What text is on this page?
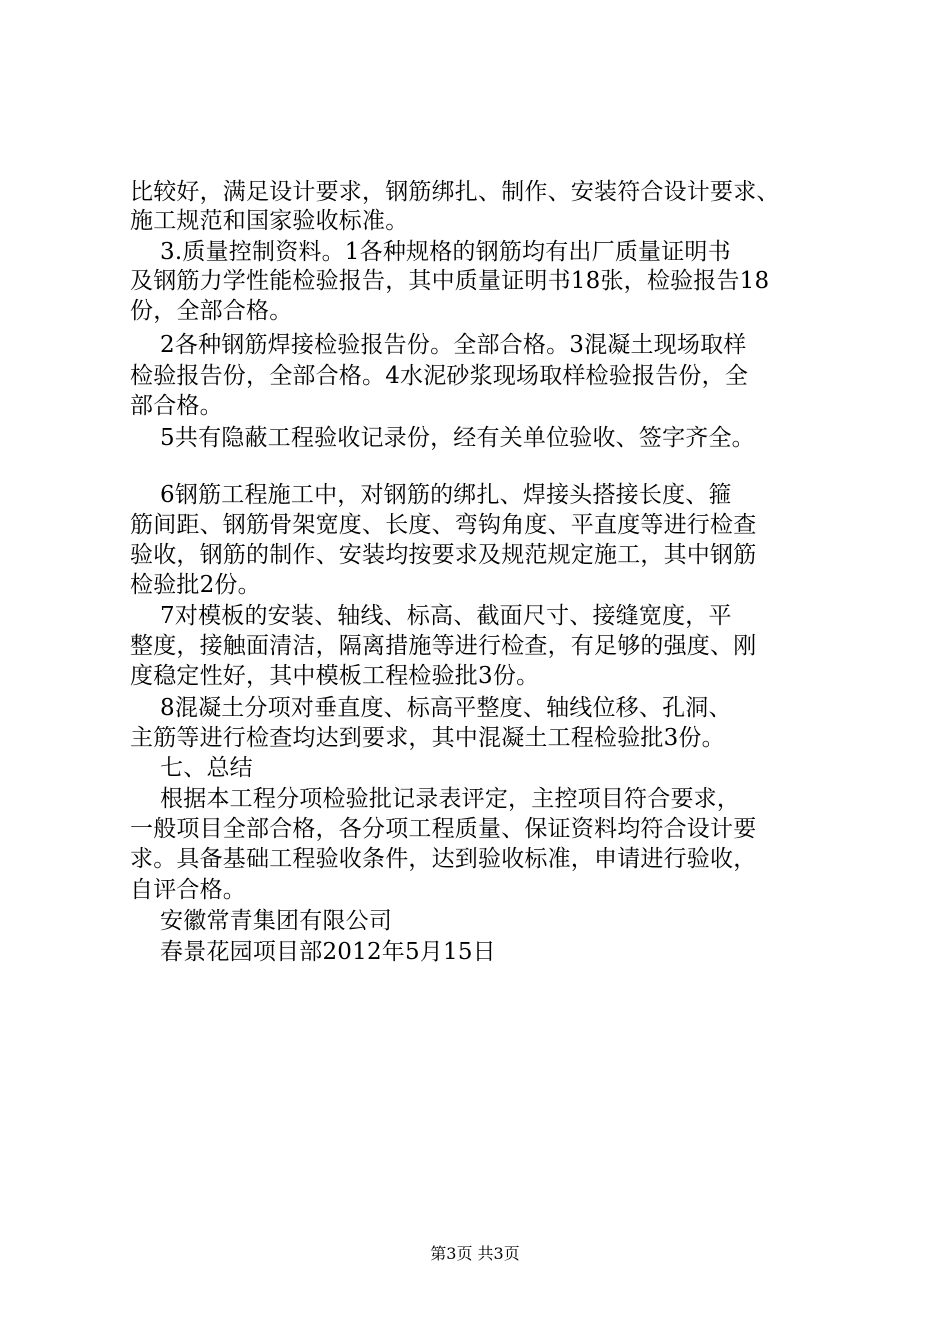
比较好，满足设计要求，钢筋绑扎、制作、安装符合设计要求、
施工规范和国家验收标准。
3.质量控制资料。1各种规格的钢筋均有出厂质量证明书
及钢筋力学性能检验报告，其中质量证明书18张，检验报告18
份，全部合格。
2各种钢筋焊接检验报告份。全部合格。3混凝土现场取样
检验报告份，全部合格。4水泥砂浆现场取样检验报告份，全
部合格。
5共有隐蔽工程验收记录份，经有关单位验收、签字齐全。
6钢筋工程施工中，对钢筋的绑扎、焊接头搭接长度、箍
筋间距、钢筋骨架宽度、长度、弯钩角度、平直度等进行检查
验收，钢筋的制作、安装均按要求及规范规定施工，其中钢筋
检验批2份。
7对模板的安装、轴线、标高、截面尺寸、接缝宽度，平
整度，接触面清洁，隔离措施等进行检查，有足够的强度、刚
度稳定性好，其中模板工程检验批3份。
8混凝土分项对垂直度、标高平整度、轴线位移、孔洞、
主筋等进行检查均达到要求，其中混凝土工程检验批3份。
七、总结
根据本工程分项检验批记录表评定，主控项目符合要求，
一般项目全部合格，各分项工程质量、保证资料均符合设计要
求。具备基础工程验收条件，达到验收标准，申请进行验收，
自评合格。
安徽常青集团有限公司
春景花园项目部2012年5月15日
第3页 共3页
